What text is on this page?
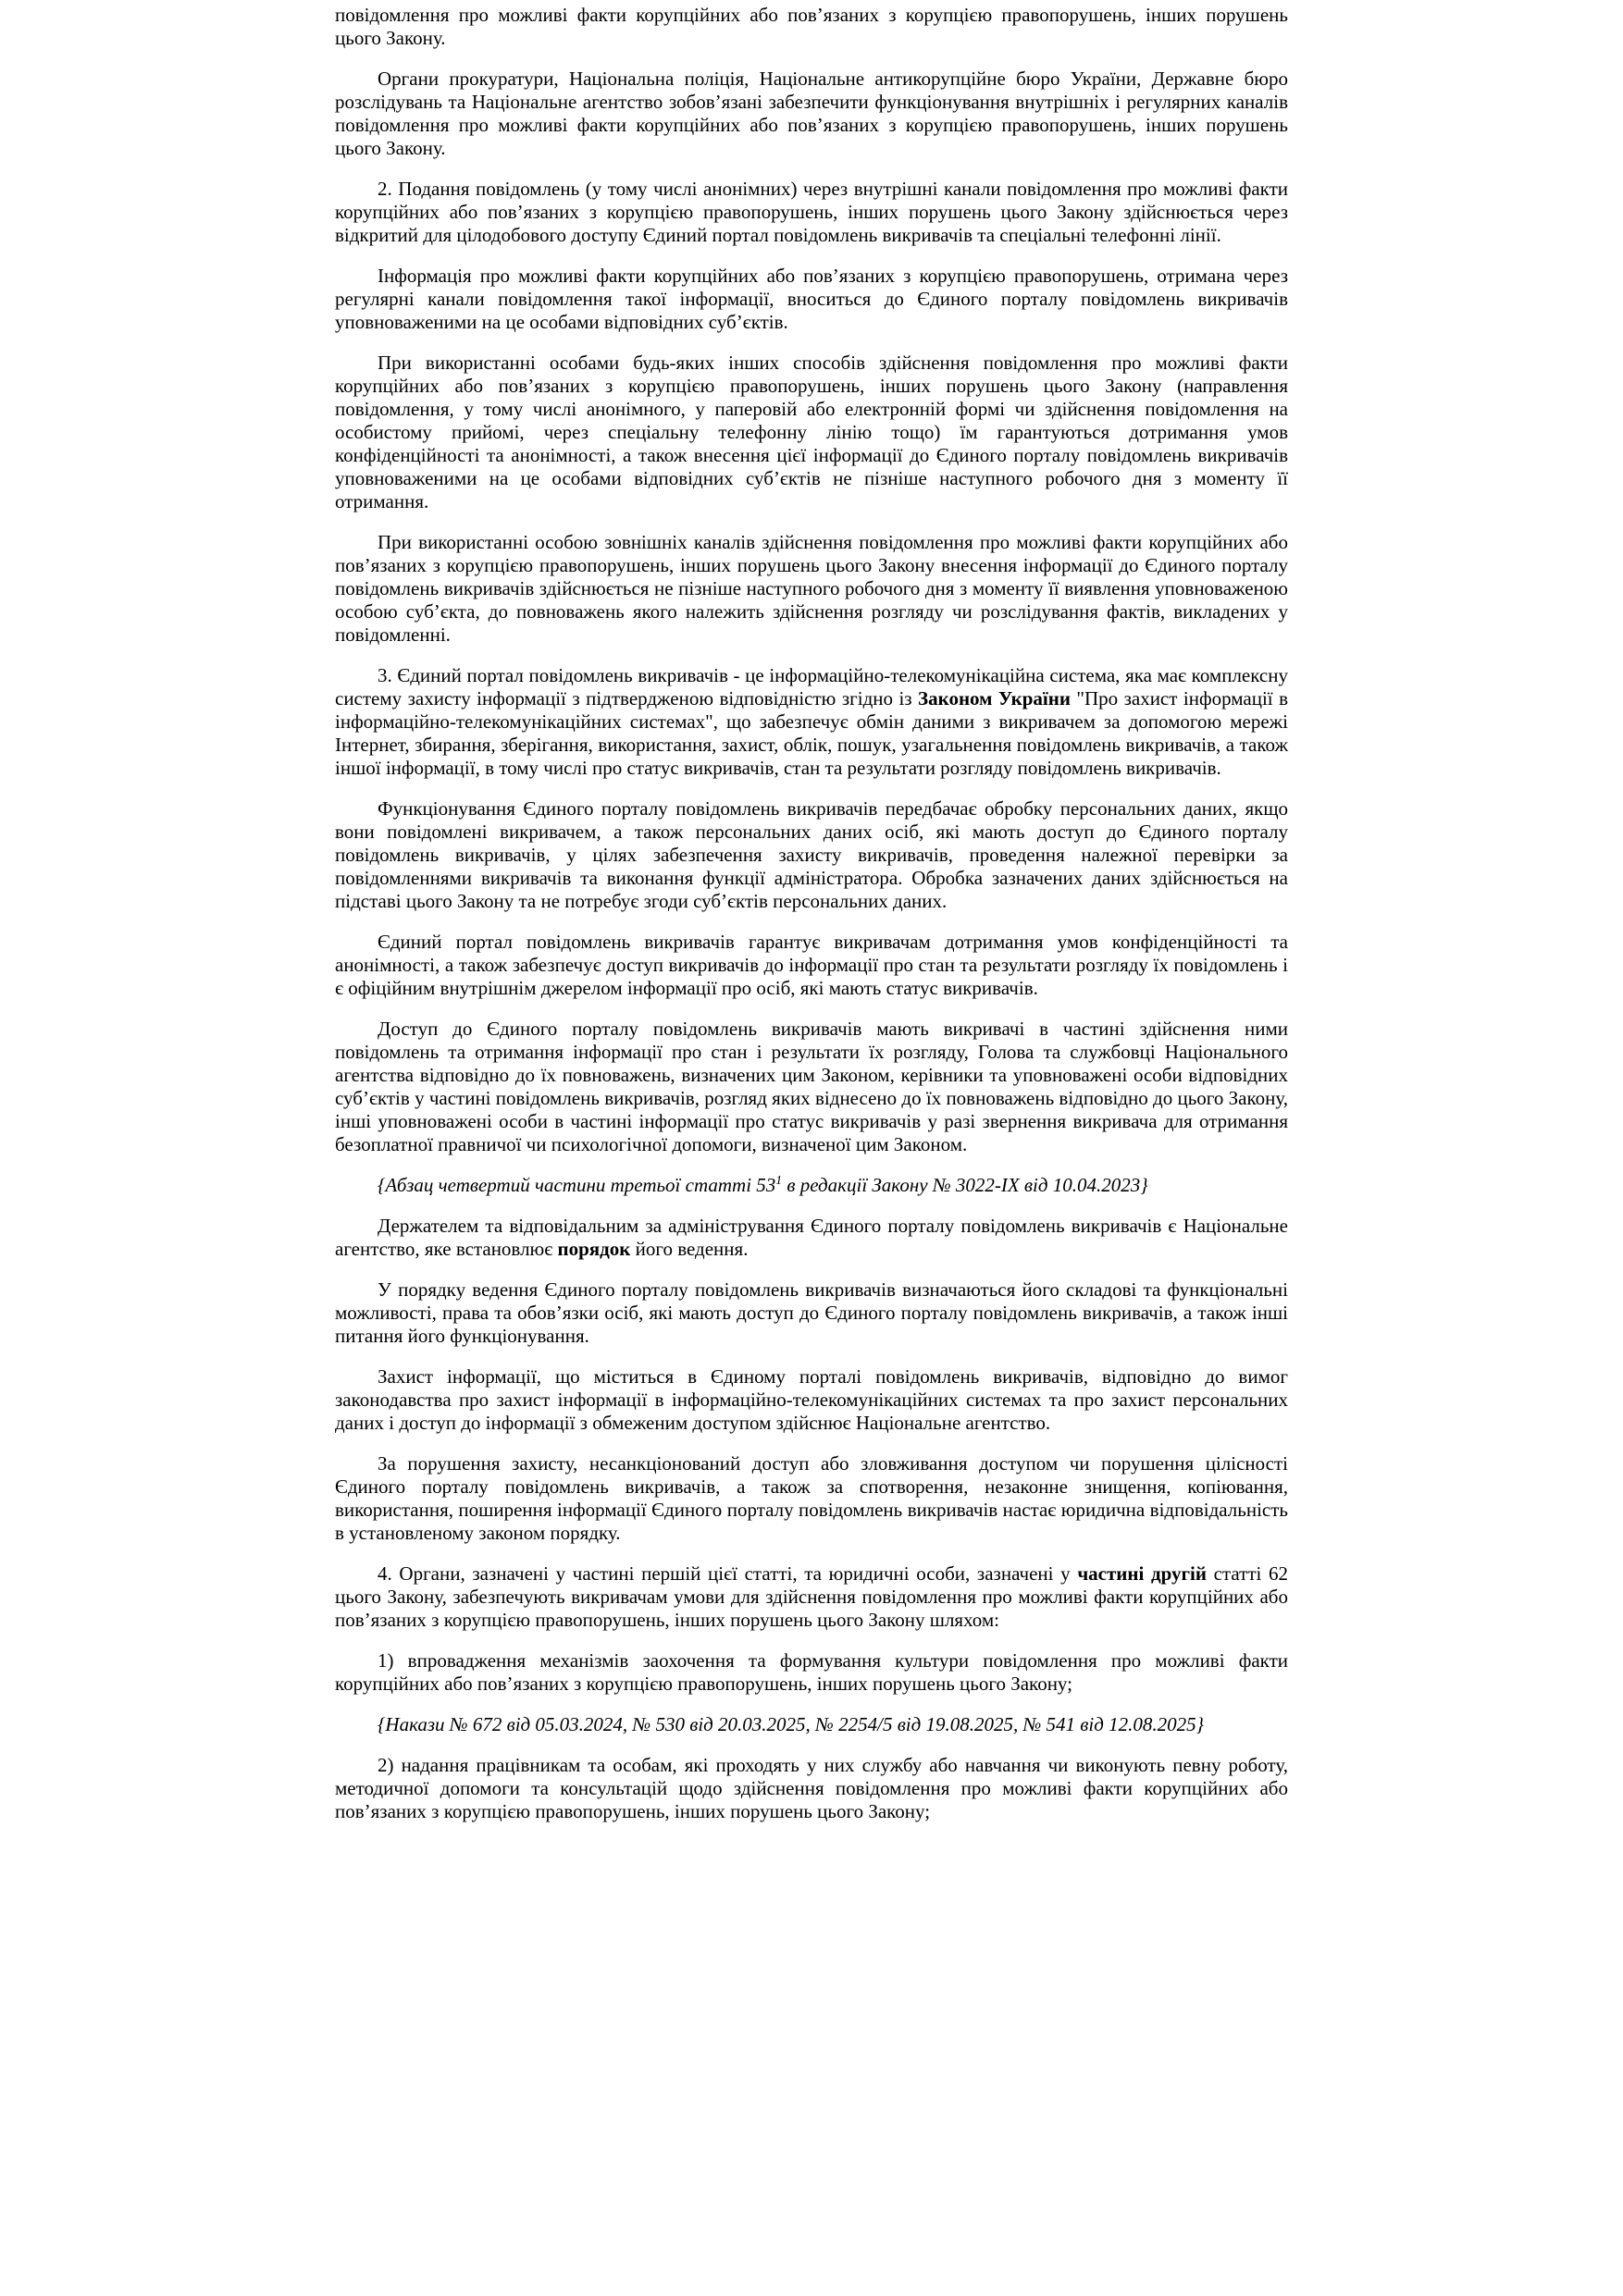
повідомлення про можливі факти корупційних або пов’язаних з корупцією правопорушень, інших порушень цього Закону.

Органи прокуратури, Національна поліція, Національне антикорупційне бюро України, Державне бюро розслідувань та Національне агентство зобов’язані забезпечити функціонування внутрішніх і регулярних каналів повідомлення про можливі факти корупційних або пов’язаних з корупцією правопорушень, інших порушень цього Закону.

2. Подання повідомлень (у тому числі анонімних) через внутрішні канали повідомлення про можливі факти корупційних або пов’язаних з корупцією правопорушень, інших порушень цього Закону здійснюється через відкритий для цілодобового доступу Єдиний портал повідомлень викривачів та спеціальні телефонні лінії.

Інформація про можливі факти корупційних або пов’язаних з корупцією правопорушень, отримана через регулярні канали повідомлення такої інформації, вноситься до Єдиного порталу повідомлень викривачів уповноваженими на це особами відповідних суб’єктів.

При використанні особами будь-яких інших способів здійснення повідомлення про можливі факти корупційних або пов’язаних з корупцією правопорушень, інших порушень цього Закону (направлення повідомлення, у тому числі анонімного, у паперовій або електронній формі чи здійснення повідомлення на особистому прийомі, через спеціальну телефонну лінію тощо) їм гарантуються дотримання умов конфіденційності та анонімності, а також внесення цієї інформації до Єдиного порталу повідомлень викривачів уповноваженими на це особами відповідних суб’єктів не пізніше наступного робочого дня з моменту її отримання.

При використанні особою зовнішніх каналів здійснення повідомлення про можливі факти корупційних або пов’язаних з корупцією правопорушень, інших порушень цього Закону внесення інформації до Єдиного порталу повідомлень викривачів здійснюється не пізніше наступного робочого дня з моменту її виявлення уповноваженою особою суб’єкта, до повноважень якого належить здійснення розгляду чи розслідування фактів, викладених у повідомленні.

3. Єдиний портал повідомлень викривачів - це інформаційно-телекомунікаційна система, яка має комплексну систему захисту інформації з підтвердженою відповідністю згідно із Законом України "Про захист інформації в інформаційно-телекомунікаційних системах", що забезпечує обмін даними з викривачем за допомогою мережі Інтернет, збирання, зберігання, використання, захист, облік, пошук, узагальнення повідомлень викривачів, а також іншої інформації, в тому числі про статус викривачів, стан та результати розгляду повідомлень викривачів.

Функціонування Єдиного порталу повідомлень викривачів передбачає обробку персональних даних, якщо вони повідомлені викривачем, а також персональних даних осіб, які мають доступ до Єдиного порталу повідомлень викривачів, у цілях забезпечення захисту викривачів, проведення належної перевірки за повідомленнями викривачів та виконання функції адміністратора. Обробка зазначених даних здійснюється на підставі цього Закону та не потребує згоди суб’єктів персональних даних.

Єдиний портал повідомлень викривачів гарантує викривачам дотримання умов конфіденційності та анонімності, а також забезпечує доступ викривачів до інформації про стан та результати розгляду їх повідомлень і є офіційним внутрішнім джерелом інформації про осіб, які мають статус викривачів.

Доступ до Єдиного порталу повідомлень викривачів мають викривачі в частині здійснення ними повідомлень та отримання інформації про стан і результати їх розгляду, Голова та службовці Національного агентства відповідно до їх повноважень, визначених цим Законом, керівники та уповноважені особи відповідних суб’єктів у частині повідомлень викривачів, розгляд яких віднесено до їх повноважень відповідно до цього Закону, інші уповноважені особи в частині інформації про статус викривачів у разі звернення викривача для отримання безоплатної правничої чи психологічної допомоги, визначеної цим Законом.

{Абзац четвертий частини третьої статті $53^1$ в редакції Закону № 3022-ІХ від 10.04.2023}

Держателем та відповідальним за адміністрування Єдиного порталу повідомлень викривачів є Національне агентство, яке встановлює порядок його ведення.

У порядку ведення Єдиного порталу повідомлень викривачів визначаються його складові та функціональні можливості, права та обов’язки осіб, які мають доступ до Єдиного порталу повідомлень викривачів, а також інші питання його функціонування.

Захист інформації, що міститься в Єдиному порталі повідомлень викривачів, відповідно до вимог законодавства про захист інформації в інформаційно-телекомунікаційних системах та про захист персональних даних і доступ до інформації з обмеженим доступом здійснює Національне агентство.

За порушення захисту, несанкціонований доступ або зловживання доступом чи порушення цілісності Єдиного порталу повідомлень викривачів, а також за спотворення, незаконне знищення, копіювання, використання, поширення інформації Єдиного порталу повідомлень викривачів настає юридична відповідальність в установленому законом порядку.

4. Органи, зазначені у частині першій цієї статті, та юридичні особи, зазначені у частині другій статті 62 цього Закону, забезпечують викривачам умови для здійснення повідомлення про можливі факти корупційних або пов’язаних з корупцією правопорушень, інших порушень цього Закону шляхом:

1) впровадження механізмів заохочення та формування культури повідомлення про можливі факти корупційних або пов’язаних з корупцією правопорушень, інших порушень цього Закону;

{Накази № 672 від 05.03.2024, № 530 від 20.03.2025, № 2254/5 від 19.08.2025, № 541 від 12.08.2025}

2) надання працівникам та особам, які проходять у них службу або навчання чи виконують певну роботу, методичної допомоги та консультацій щодо здійснення повідомлення про можливі факти корупційних або пов’язаних з корупцією правопорушень, інших порушень цього Закону;
